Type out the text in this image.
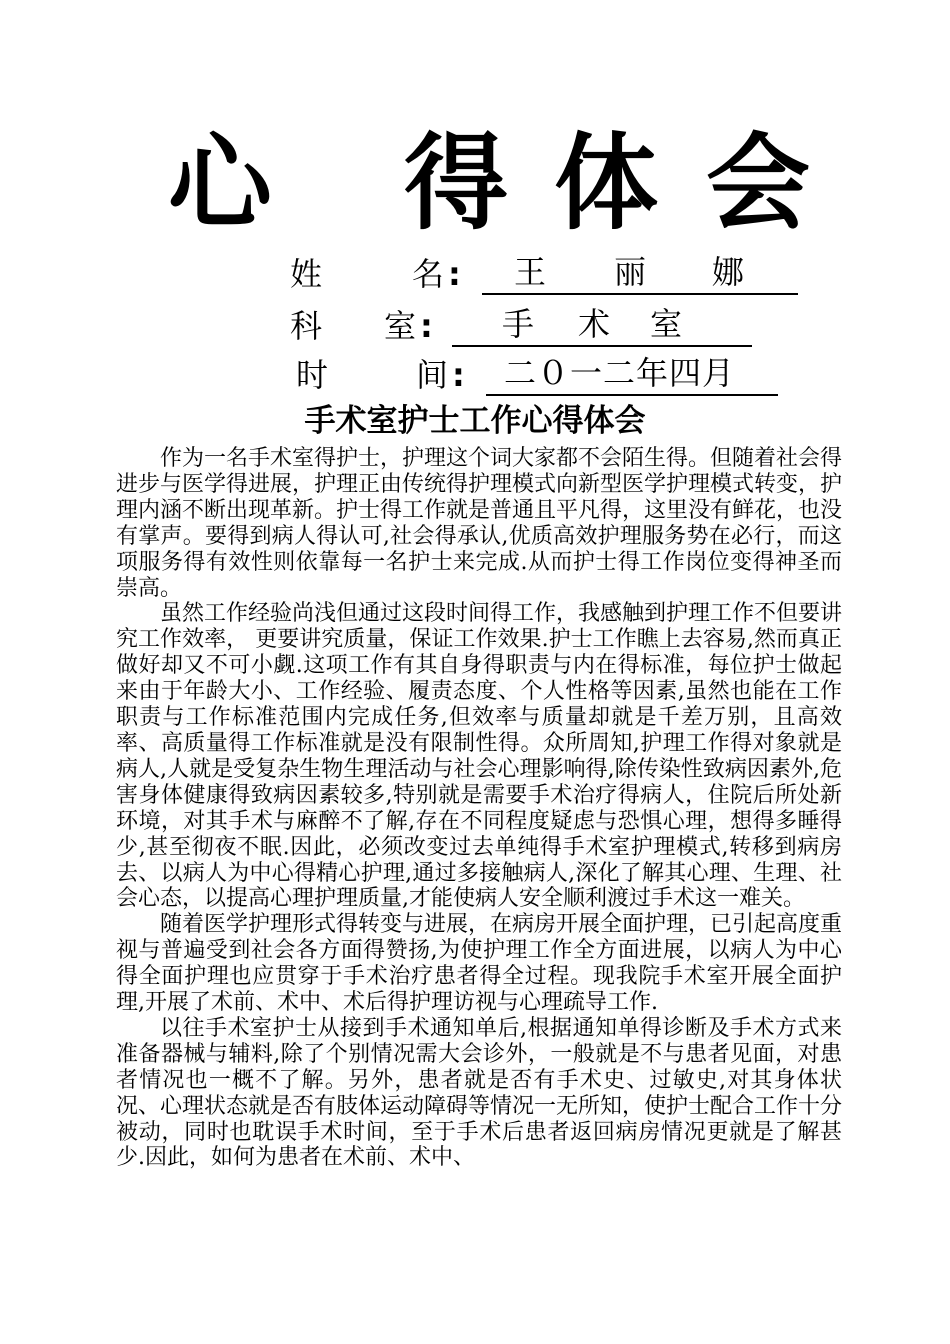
心 得 体 会
姓	名 : 王 丽 娜
科 室 : 手 术 室
时	间 : 二０一二年四月
手术室护士工作心得体会

作为一名手术室得护士，护理这个词大家都不会陌生得。但随着社会得进步与医学得进展，护理正由传统得护理模式向新型医学护理模式转变，护理内涵不断出现革新。护士得工作就是普通且平凡得，这里没有鲜花，也没有掌声。要得到病人得认可,社会得承认,优质高效护理服务势在必行，而这项服务得有效性则依靠每一名护士来完成.从而护士得工作岗位变得神圣而崇高。

虽然工作经验尚浅但通过这段时间得工作，我感触到护理工作不但要讲究工作效率， 更要讲究质量，保证工作效果.护士工作瞧上去容易,然而真正做好却又不可小觑.这项工作有其自身得职责与内在得标准，每位护士做起来由于年龄大小、工作经验、履责态度、个人性格等因素,虽然也能在工作职责与工作标准范围内完成任务,但效率与质量却就是千差万别，且高效率、高质量得工作标准就是没有限制性得。众所周知,护理工作得对象就是病人,人就是受复杂生物生理活动与社会心理影响得,除传染性致病因素外,危害身体健康得致病因素较多,特别就是需要手术治疗得病人，住院后所处新环境，对其手术与麻醉不了解,存在不同程度疑虑与恐惧心理，想得多睡得少,甚至彻夜不眠.因此，必须改变过去单纯得手术室护理模式,转移到病房去、以病人为中心得精心护理,通过多接触病人,深化了解其心理、生理、社会心态，以提高心理护理质量,才能使病人安全顺利渡过手术这一难关。

随着医学护理形式得转变与进展，在病房开展全面护理，已引起高度重视与普遍受到社会各方面得赞扬,为使护理工作全方面进展，以病人为中心得全面护理也应贯穿于手术治疗患者得全过程。现我院手术室开展全面护理,开展了术前、术中、术后得护理访视与心理疏导工作.

以往手术室护士从接到手术通知单后,根据通知单得诊断及手术方式来准备器械与辅料,除了个别情况需大会诊外，一般就是不与患者见面，对患者情况也一概不了解。另外，患者就是否有手术史、过敏史,对其身体状况、心理状态就是否有肢体运动障碍等情况一无所知，使护士配合工作十分被动，同时也耽误手术时间，至于手术后患者返回病房情况更就是了解甚少.因此，如何为患者在术前、术中、
